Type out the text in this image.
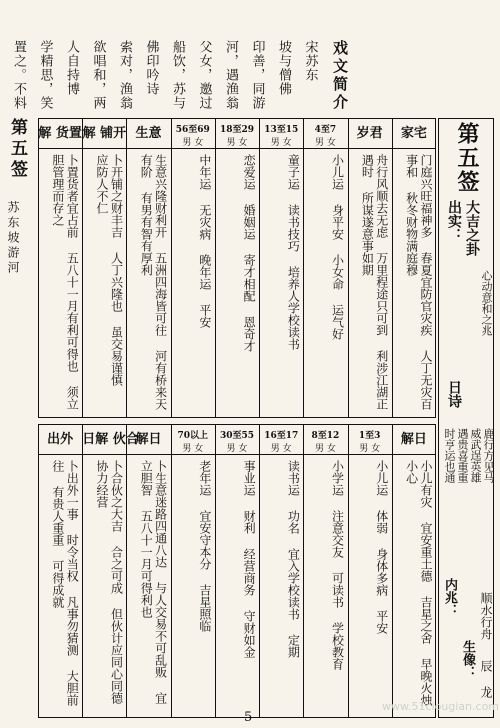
戏文简介
宋苏东
坡与僧佛
印善，同游
河，遇渔翁
父女，邀过
船饮，苏与
佛印吟诗
索对，渔翁
欲唱和，两
人自持博
学精思，笑
置之。不料
第五签
苏东坡游河
第五签
出实： 大吉之卦
心动意和之兆
日诗
鹿行方见马
威武逞英雄
遇贵喜重重
时亨运也通
内兆： 顺水行舟
生像： 辰 龙
家宅
门庭兴旺福神多 春夏宜防官灾疾 人丁无灾百事和 秋冬财物满庭穆
岁君
舟行风顺去无虑 万里程途只可到 利涉江湖正遇时 所谋遂意事如期
4至7
男 女
小儿运 身平安 小女命 运气好
13至15
男 女
童子运 读书技巧 培养人学校读书
18至29
男 女
恋爱运 婚姻运 寄才相配 恩奇才
56至69
男 女
中年运 无灾病 晚年运 平安
生意
生意兴隆财利开 五洲四海皆可往 河有桥来天有阶 有男有智有厚利
解 铺开
卜开铺之财丰吉 人丁兴隆也 虽交易谨慎 应防人不仁
解 货置
卜置货者宜占前 五八十一月有利可得也 须立胆管理而存之
解日
小儿有灾 宜安重土德 吉星之舍 早晚火烛小心
1至3
男 女
小儿运 体弱 身体多病 平安
8至12
男 女
小学运 注意交友 可读书 学校教育
16至17
男 女
读书运 功名 宜入学校读书 定期
30至55
男 女
事业运 财利 经营商务 守财如金
70以上
男 女
老年运 宜安守本分 吉星照临
解日
卜生意迷路四通八达 与人交易不可乱贩 宜立胆智 五八十一月可得利也
日解 伙合
卜合伙之大吉 合之可成 但伙计应同心同德 协力经营
出外
卜出外一事 时令当权 凡事勿猜测 大胆前往 有贵人重重 可得成就
5
www.51ciougian.com
